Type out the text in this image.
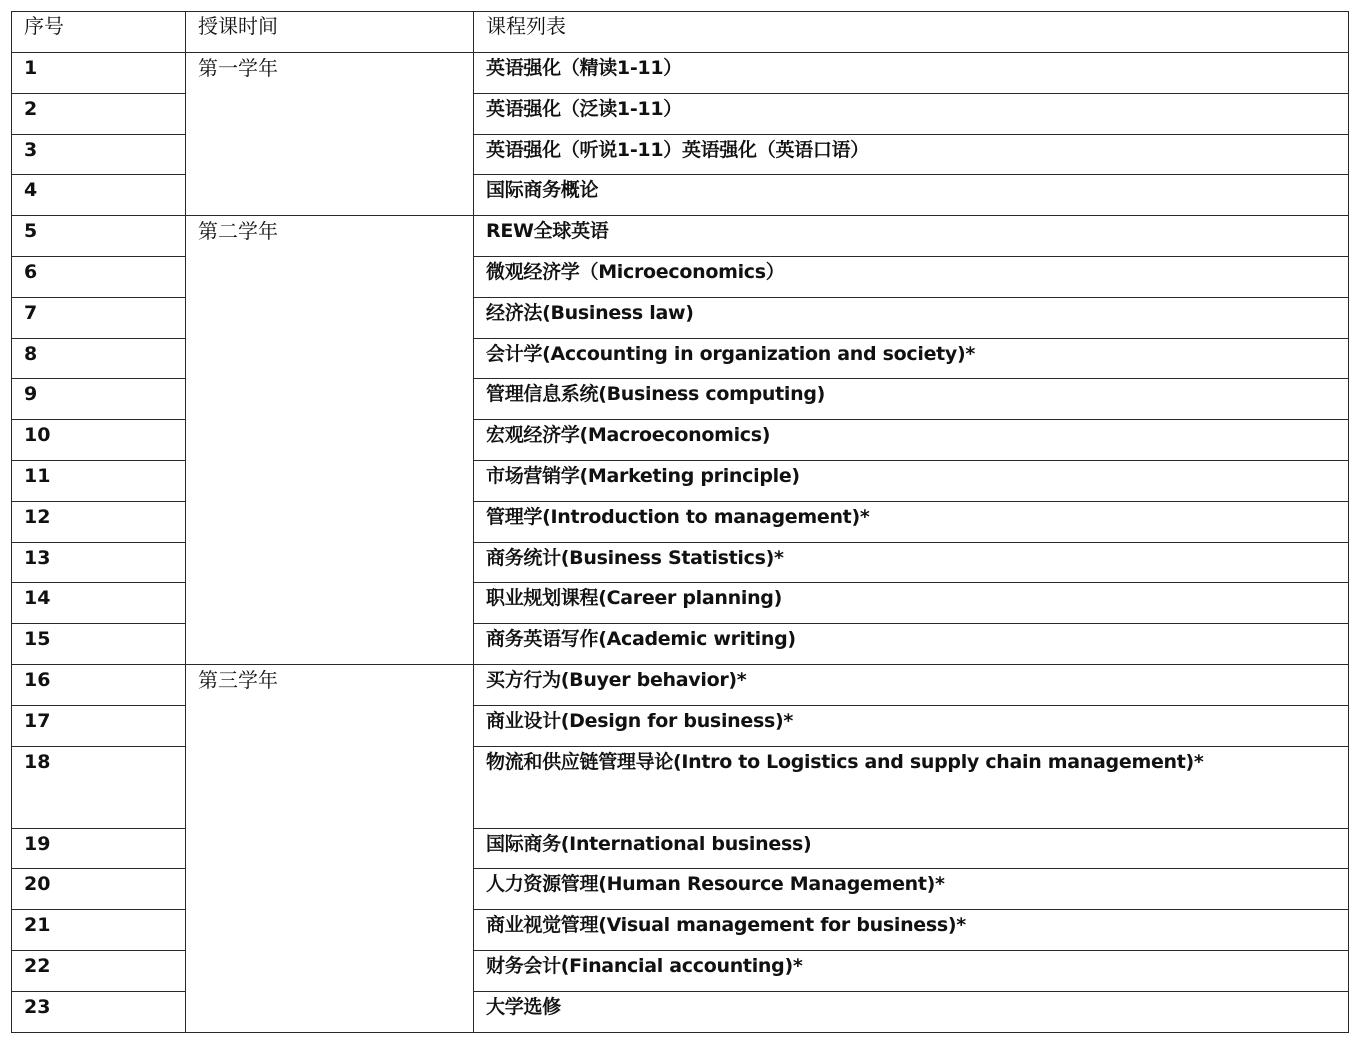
序号	授课时间	课程列表
1	第一学年	英语强化（精读1-11）
2		英语强化（泛读1-11）
3		英语强化（听说1-11）英语强化（英语口语）
4		国际商务概论
5	第二学年	REW全球英语
6		微观经济学（Microeconomics）
7		经济法(Business law)
8		会计学(Accounting in organization and society)*
9		管理信息系统(Business computing)
10		宏观经济学(Macroeconomics)
11		市场营销学(Marketing principle)
12		管理学(Introduction to management)*
13		商务统计(Business Statistics)*
14		职业规划课程(Career planning)
15		商务英语写作(Academic writing)
16	第三学年	买方行为(Buyer behavior)*
17		商业设计(Design for business)*
18		物流和供应链管理导论(Intro to Logistics and supply chain management)*
19		国际商务(International business)
20		人力资源管理(Human Resource Management)*
21		商业视觉管理(Visual management for business)*
22		财务会计(Financial accounting)*
23		大学选修
